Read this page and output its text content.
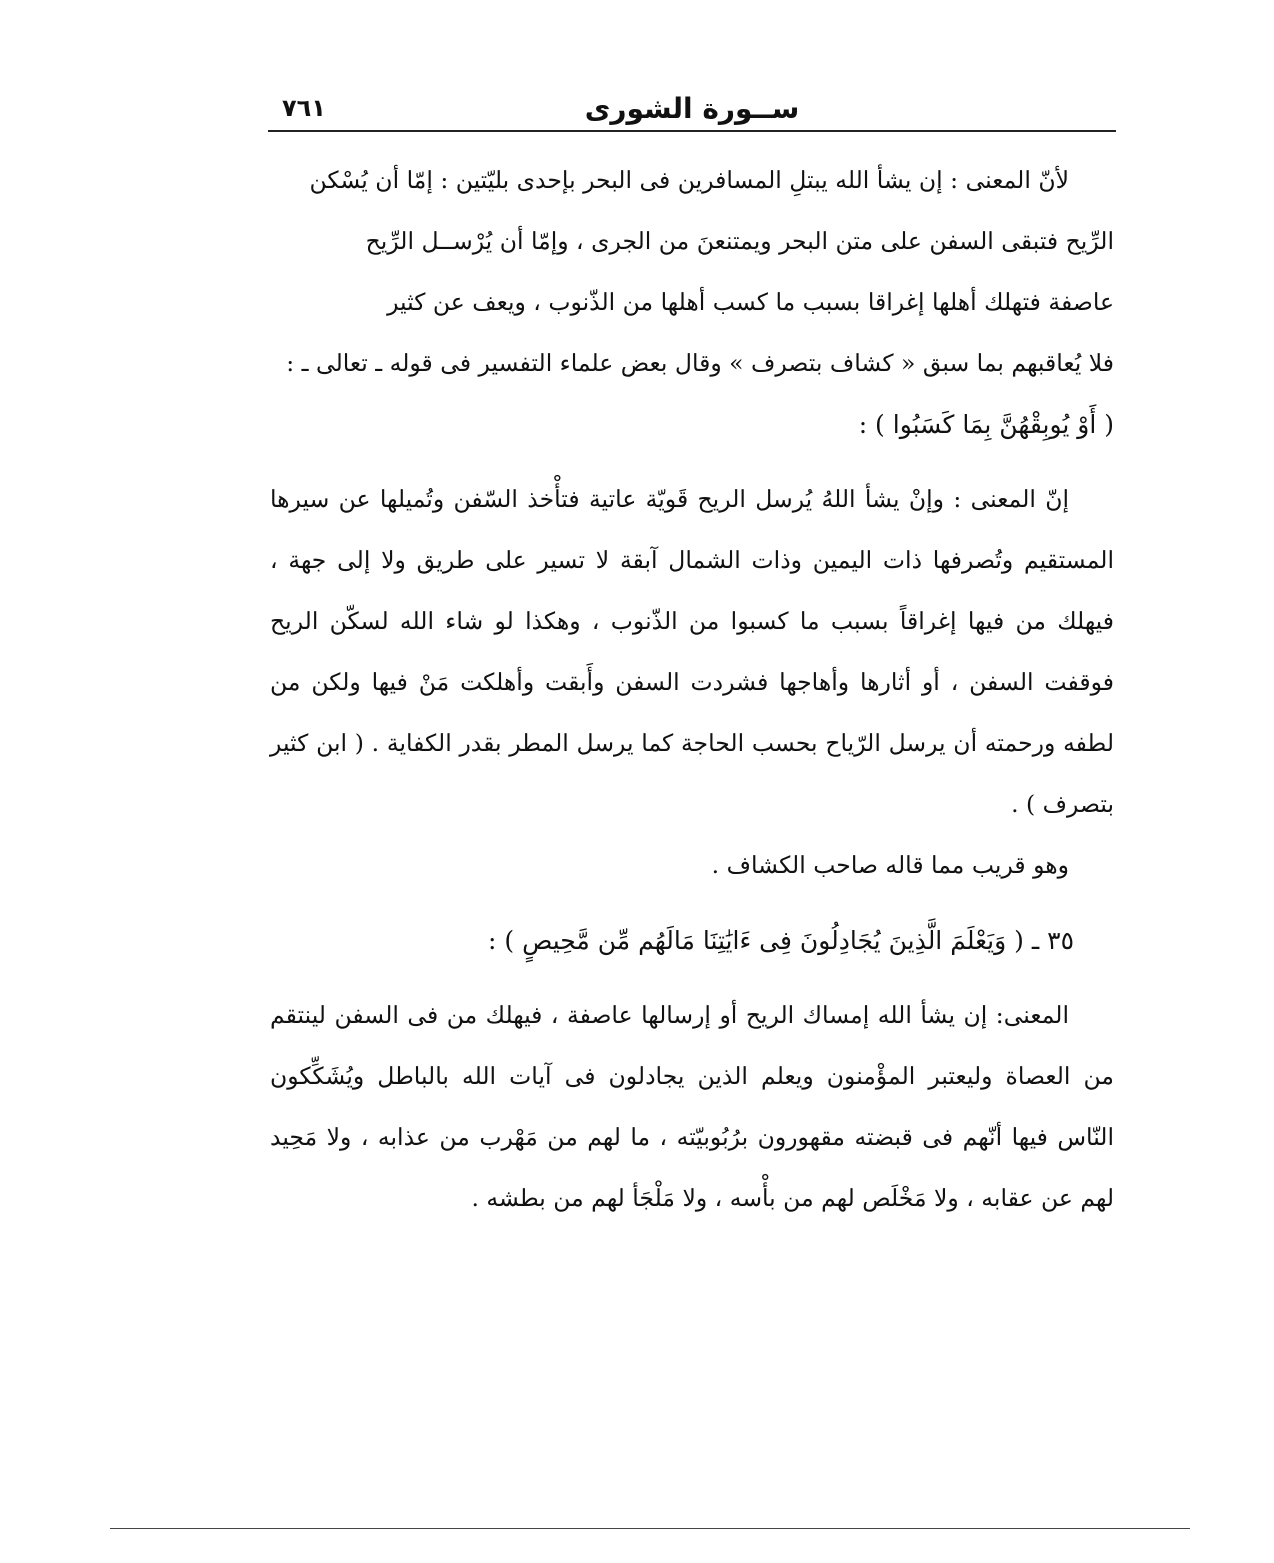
٧٦١	ســورة الشورى

لأنّ المعنى : إن يشأ الله يبتلِ المسافرين فى البحر بإحدى بليّتين : إمّا أن يُسْكن

الرِّيح فتبقى السفن على متن البحر ويمتنعنَ من الجرى ، وإمّا أن يُرْســل الرِّيح

عاصفة فتهلك أهلها إغراقا بسبب ما كسب أهلها من الذّنوب ، ويعف عن كثير

فلا يُعاقبهم بما سبق « كشاف بتصرف » وقال بعض علماء التفسير فى قوله ـ تعالى ـ :

( أَوْ يُوبِقْهُنَّ بِمَا كَسَبُوا ) :

إنّ المعنى : وإنْ يشأ اللهُ يُرسل الريح قَويّة عاتية فتأْخذ السّفن وتُميلها عن سيرها المستقيم وتُصرفها ذات اليمين وذات الشمال آبقة لا تسير على طريق ولا إلى جهة ، فيهلك من فيها إغراقاً بسبب ما كسبوا من الذّنوب ، وهكذا لو شاء الله لسكّن الريح فوقفت السفن ، أو أثارها وأهاجها فشردت السفن وأَبقت وأهلكت مَنْ فيها ولكن من لطفه ورحمته أن يرسل الرّياح بحسب الحاجة كما يرسل المطر بقدر الكفاية . ( ابن كثير بتصرف ) .

وهو قريب مما قاله صاحب الكشاف .

٣٥ ـ ( وَيَعْلَمَ الَّذِينَ يُجَادِلُونَ فِى ءَايَٰتِنَا مَالَهُم مِّن مَّحِيصٍ ) :

المعنى: إن يشأ الله إمساك الريح أو إرسالها عاصفة ، فيهلك من فى السفن لينتقم من العصاة وليعتبر المؤْمنون ويعلم الذين يجادلون فى آيات الله بالباطل ويُشَكِّكون النّاس فيها أنّهم فى قبضته مقهورون برُبُوبيّته ، ما لهم من مَهْرب من عذابه ، ولا مَحِيد لهم عن عقابه ، ولا مَخْلَص لهم من بأْسه ، ولا مَلْجَأ لهم من بطشه .
